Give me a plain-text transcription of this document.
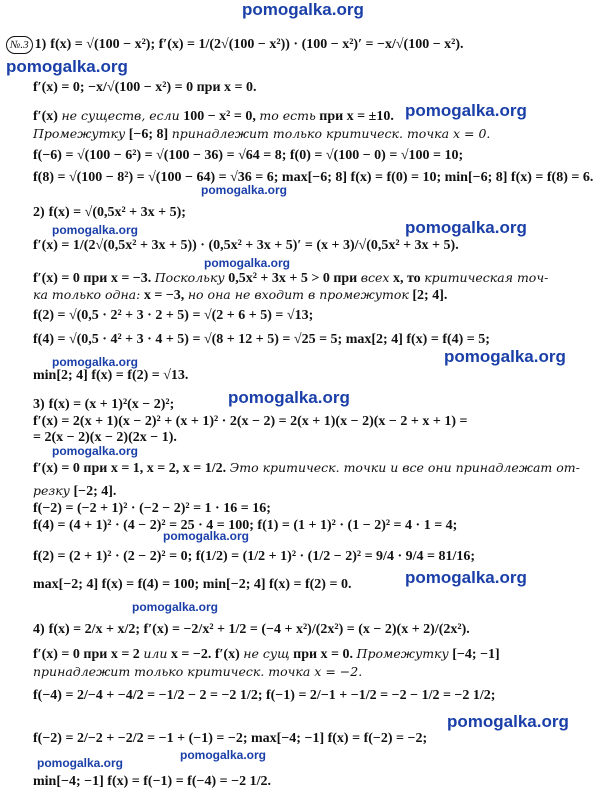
pomogalka.org
№.3 1) f(x) = √(100 − x²); f′(x) = 1/(2√(100 − x²)) · (100 − x²)′ = −x/√(100 − x²).
pomogalka.org
f′(x) = 0; −x/√(100 − x²) = 0 при x = 0.
f′(x) не существ, если 100 − x² = 0, то есть при x = ±10. pomogalka.org
Промежутку [−6; 8] принадлежит только критическ. точка x = 0.
f(−6) = √(100 − 6²) = √(100 − 36) = √64 = 8; f(0) = √(100 − 0) = √100 = 10;
f(8) = √(100 − 8²) = √(100 − 64) = √36 = 6; max[−6; 8] f(x) = f(0) = 10; min[−6; 8] f(x) = f(8) = 6.
pomogalka.org
2) f(x) = √(0,5x² + 3x + 5);
pomogalka.org	pomogalka.org
f′(x) = 1/(2√(0,5x² + 3x + 5)) · (0,5x² + 3x + 5)′ = (x + 3)/√(0,5x² + 3x + 5).
pomogalka.org
f′(x) = 0 при x = −3. Поскольку 0,5x² + 3x + 5 > 0 при всех x, то критическая точ-
ка только одна: x = −3, но она не входит в промежуток [2; 4].
f(2) = √(0,5 · 2² + 3 · 2 + 5) = √(2 + 6 + 5) = √13;
f(4) = √(0,5 · 4² + 3 · 4 + 5) = √(8 + 12 + 5) = √25 = 5; max[2; 4] f(x) = f(4) = 5;
pomogalka.org
pomogalka.org
min[2; 4] f(x) = f(2) = √13.
pomogalka.org
3) f(x) = (x + 1)²(x − 2)²;
f′(x) = 2(x + 1)(x − 2)² + (x + 1)² · 2(x − 2) = 2(x + 1)(x − 2)(x − 2 + x + 1) =
= 2(x − 2)(x − 2)(2x − 1).
pomogalka.org
f′(x) = 0 при x = 1, x = 2, x = 1/2. Это критическ. точки и все они принадлежат от-
резку [−2; 4].
f(−2) = (−2 + 1)² · (−2 − 2)² = 1 · 16 = 16;
f(4) = (4 + 1)² · (4 − 2)² = 25 · 4 = 100; f(1) = (1 + 1)² · (1 − 2)² = 4 · 1 = 4;
pomogalka.org
f(2) = (2 + 1)² · (2 − 2)² = 0; f(1/2) = (1/2 + 1)² · (1/2 − 2)² = 9/4 · 9/4 = 81/16;
pomogalka.org
max[−2; 4] f(x) = f(4) = 100; min[−2; 4] f(x) = f(2) = 0.
pomogalka.org
4) f(x) = 2/x + x/2; f′(x) = −2/x² + 1/2 = (−4 + x²)/(2x²) = (x − 2)(x + 2)/(2x²).
f′(x) = 0 при x = 2 или x = −2. f′(x) не сущ при x = 0. Промежутку [−4; −1]
принадлежит только критическ. точка x = −2.
f(−4) = 2/−4 + −4/2 = −1/2 − 2 = −2 1/2; f(−1) = 2/−1 + −1/2 = −2 − 1/2 = −2 1/2;
pomogalka.org
f(−2) = 2/−2 + −2/2 = −1 + (−1) = −2; max[−4; −1] f(x) = f(−2) = −2;
pomogalka.org
pomogalka.org
min[−4; −1] f(x) = f(−1) = f(−4) = −2 1/2.
